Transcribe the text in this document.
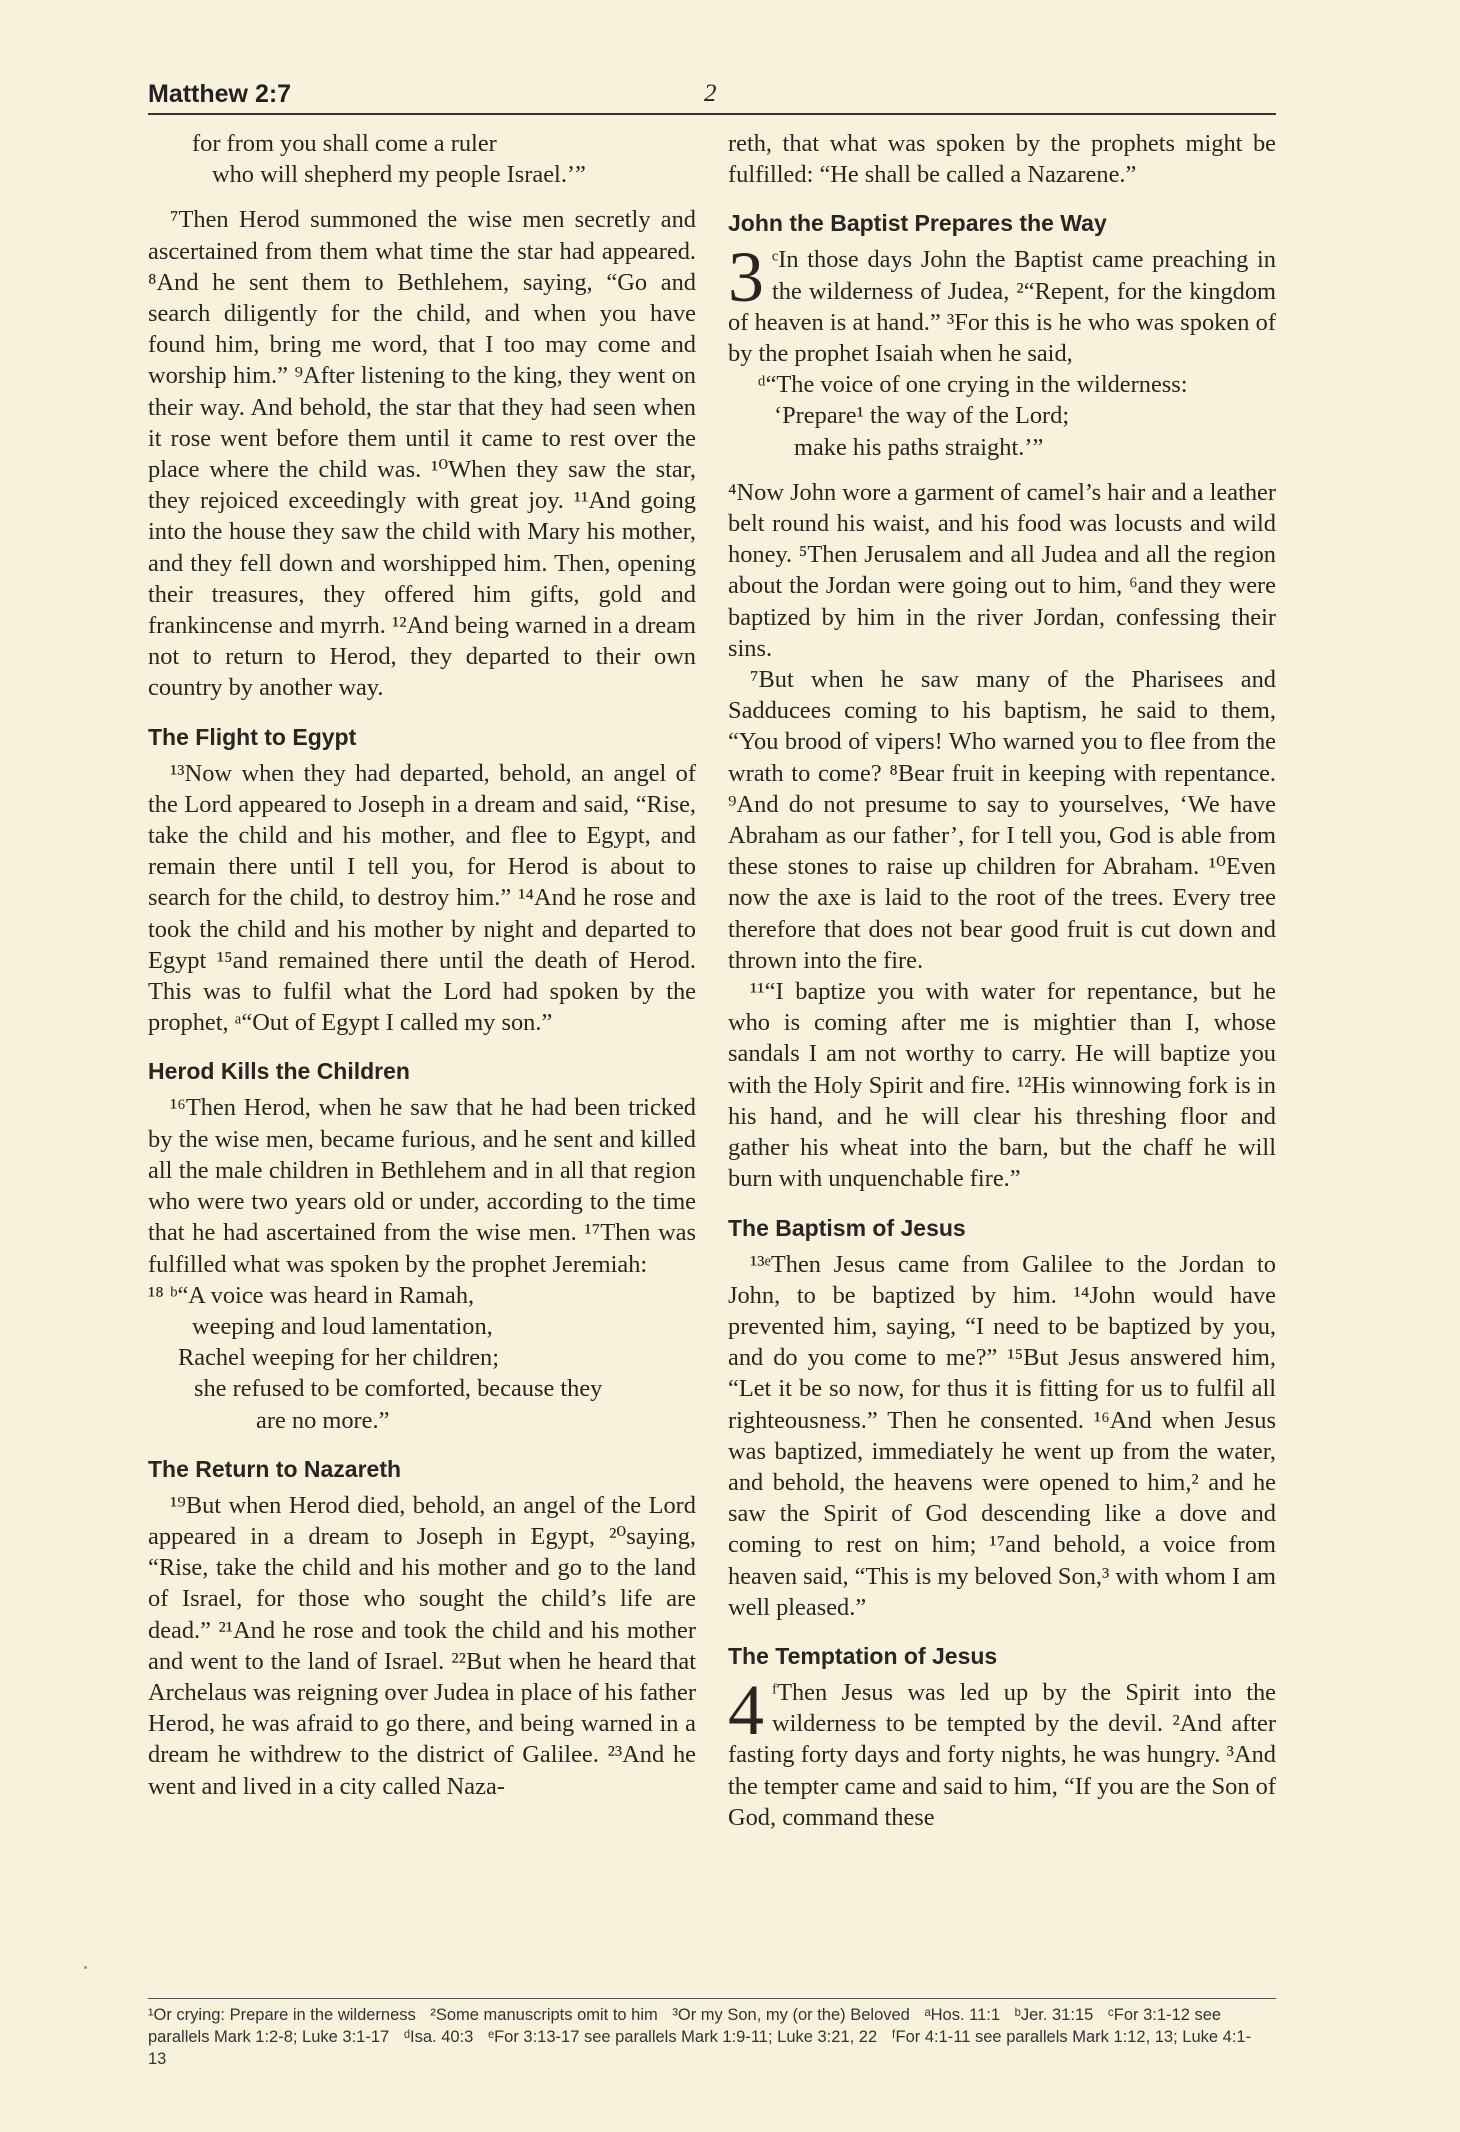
Matthew 2:7	2
for from you shall come a ruler
who will shepherd my people Israel.’”

⁷Then Herod summoned the wise men secretly and ascertained from them what time the star had appeared. ⁸And he sent them to Bethlehem, saying, “Go and search diligently for the child, and when you have found him, bring me word, that I too may come and worship him.” ⁹After listening to the king, they went on their way. And behold, the star that they had seen when it rose went before them until it came to rest over the place where the child was. ¹⁰When they saw the star, they rejoiced exceedingly with great joy. ¹¹And going into the house they saw the child with Mary his mother, and they fell down and worshipped him. Then, opening their treasures, they offered him gifts, gold and frankincense and myrrh. ¹²And being warned in a dream not to return to Herod, they departed to their own country by another way.

The Flight to Egypt

¹³Now when they had departed, behold, an angel of the Lord appeared to Joseph in a dream and said, “Rise, take the child and his mother, and flee to Egypt, and remain there until I tell you, for Herod is about to search for the child, to destroy him.” ¹⁴And he rose and took the child and his mother by night and departed to Egypt ¹⁵and remained there until the death of Herod. This was to fulfil what the Lord had spoken by the prophet, ᵃ“Out of Egypt I called my son.”

Herod Kills the Children

¹⁶Then Herod, when he saw that he had been tricked by the wise men, became furious, and he sent and killed all the male children in Bethlehem and in all that region who were two years old or under, according to the time that he had ascertained from the wise men. ¹⁷Then was fulfilled what was spoken by the prophet Jeremiah:

¹⁸ ᵇ“A voice was heard in Ramah,
weeping and loud lamentation,
Rachel weeping for her children;
she refused to be comforted, because they
are no more.”
The Return to Nazareth

¹⁹But when Herod died, behold, an angel of the Lord appeared in a dream to Joseph in Egypt, ²⁰saying, “Rise, take the child and his mother and go to the land of Israel, for those who sought the child’s life are dead.” ²¹And he rose and took the child and his mother and went to the land of Israel. ²²But when he heard that Archelaus was reigning over Judea in place of his father Herod, he was afraid to go there, and being warned in a dream he withdrew to the district of Galilee. ²³And he went and lived in a city called Naza-

reth, that what was spoken by the prophets might be fulfilled: “He shall be called a Nazarene.”

John the Baptist Prepares the Way
3 ᶜIn those days John the Baptist came preaching in the wilderness of Judea, ²“Repent, for the kingdom of heaven is at hand.” ³For this is he who was spoken of by the prophet Isaiah when he said,

ᵈ“The voice of one crying in the wilderness:
‘Prepare¹ the way of the Lord;
make his paths straight.’”

⁴Now John wore a garment of camel’s hair and a leather belt round his waist, and his food was locusts and wild honey. ⁵Then Jerusalem and all Judea and all the region about the Jordan were going out to him, ⁶and they were baptized by him in the river Jordan, confessing their sins.

⁷But when he saw many of the Pharisees and Sadducees coming to his baptism, he said to them, “You brood of vipers! Who warned you to flee from the wrath to come? ⁸Bear fruit in keeping with repentance. ⁹And do not presume to say to yourselves, ‘We have Abraham as our father’, for I tell you, God is able from these stones to raise up children for Abraham. ¹⁰Even now the axe is laid to the root of the trees. Every tree therefore that does not bear good fruit is cut down and thrown into the fire.

¹¹“I baptize you with water for repentance, but he who is coming after me is mightier than I, whose sandals I am not worthy to carry. He will baptize you with the Holy Spirit and fire. ¹²His winnowing fork is in his hand, and he will clear his threshing floor and gather his wheat into the barn, but the chaff he will burn with unquenchable fire.”

The Baptism of Jesus

¹³ᵉThen Jesus came from Galilee to the Jordan to John, to be baptized by him. ¹⁴John would have prevented him, saying, “I need to be baptized by you, and do you come to me?” ¹⁵But Jesus answered him, “Let it be so now, for thus it is fitting for us to fulfil all righteousness.” Then he consented. ¹⁶And when Jesus was baptized, immediately he went up from the water, and behold, the heavens were opened to him,² and he saw the Spirit of God descending like a dove and coming to rest on him; ¹⁷and behold, a voice from heaven said, “This is my beloved Son,³ with whom I am well pleased.”

The Temptation of Jesus
4 ᶠThen Jesus was led up by the Spirit into the wilderness to be tempted by the devil. ²And after fasting forty days and forty nights, he was hungry. ³And the tempter came and said to him, “If you are the Son of God, command these

¹Or crying: Prepare in the wilderness ²Some manuscripts omit to him ³Or my Son, my (or the) Beloved ᵃHos. 11:1 ᵇJer. 31:15 ᶜFor 3:1-12 see parallels Mark 1:2-8; Luke 3:1-17 ᵈIsa. 40:3 ᵉFor 3:13-17 see parallels Mark 1:9-11; Luke 3:21, 22 ᶠFor 4:1-11 see parallels Mark 1:12, 13; Luke 4:1-13
